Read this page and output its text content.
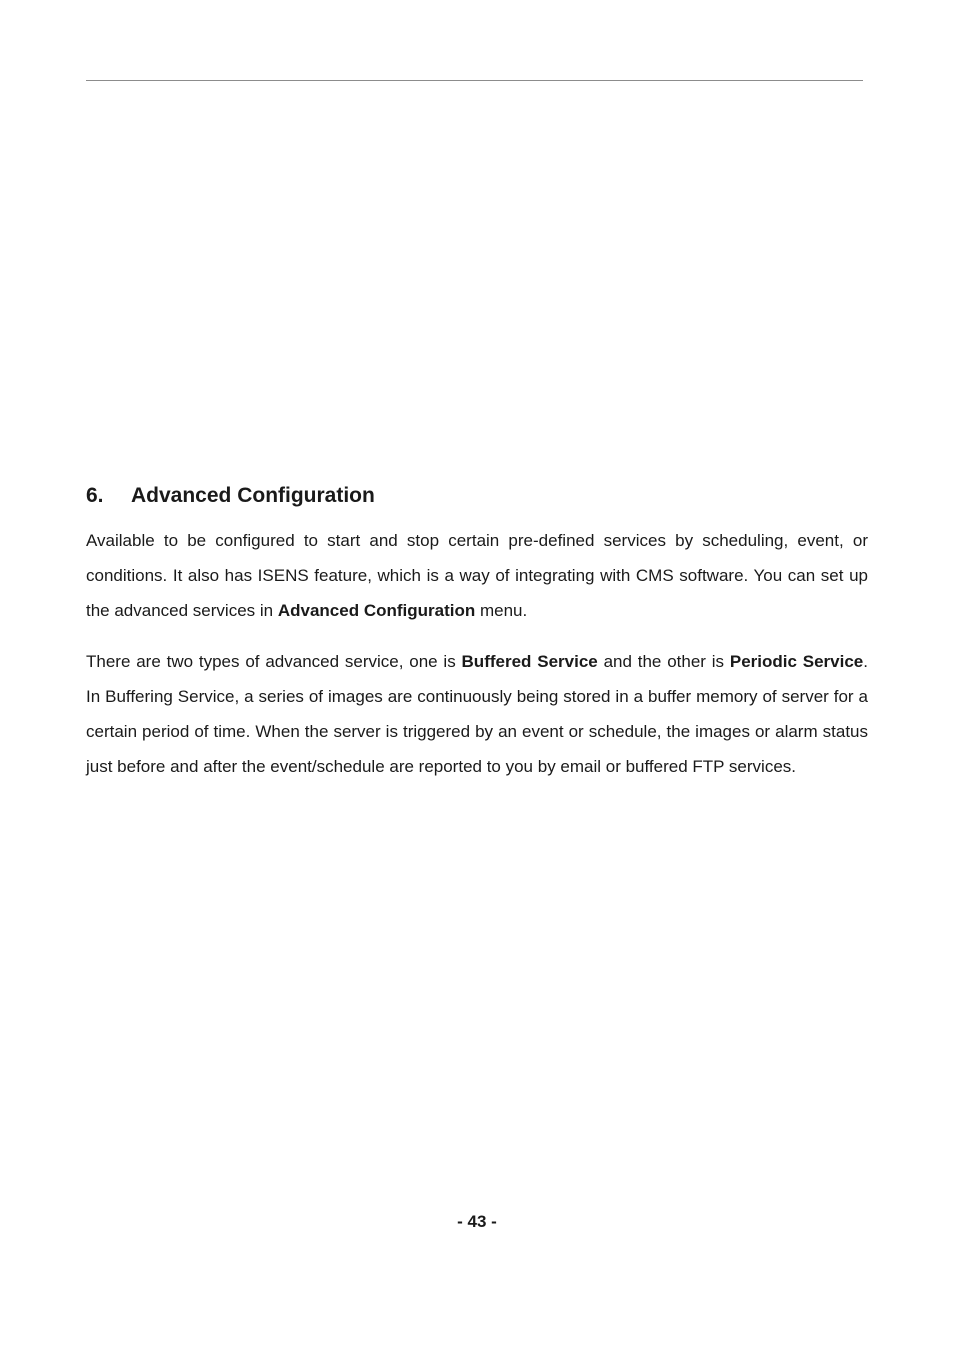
6. Advanced Configuration

Available to be configured to start and stop certain pre-defined services by scheduling, event, or conditions. It also has ISENS feature, which is a way of integrating with CMS software. You can set up the advanced services in Advanced Configuration menu.

There are two types of advanced service, one is Buffered Service and the other is Periodic Service. In Buffering Service, a series of images are continuously being stored in a buffer memory of server for a certain period of time. When the server is triggered by an event or schedule, the images or alarm status just before and after the event/schedule are reported to you by email or buffered FTP services.

- 43 -
